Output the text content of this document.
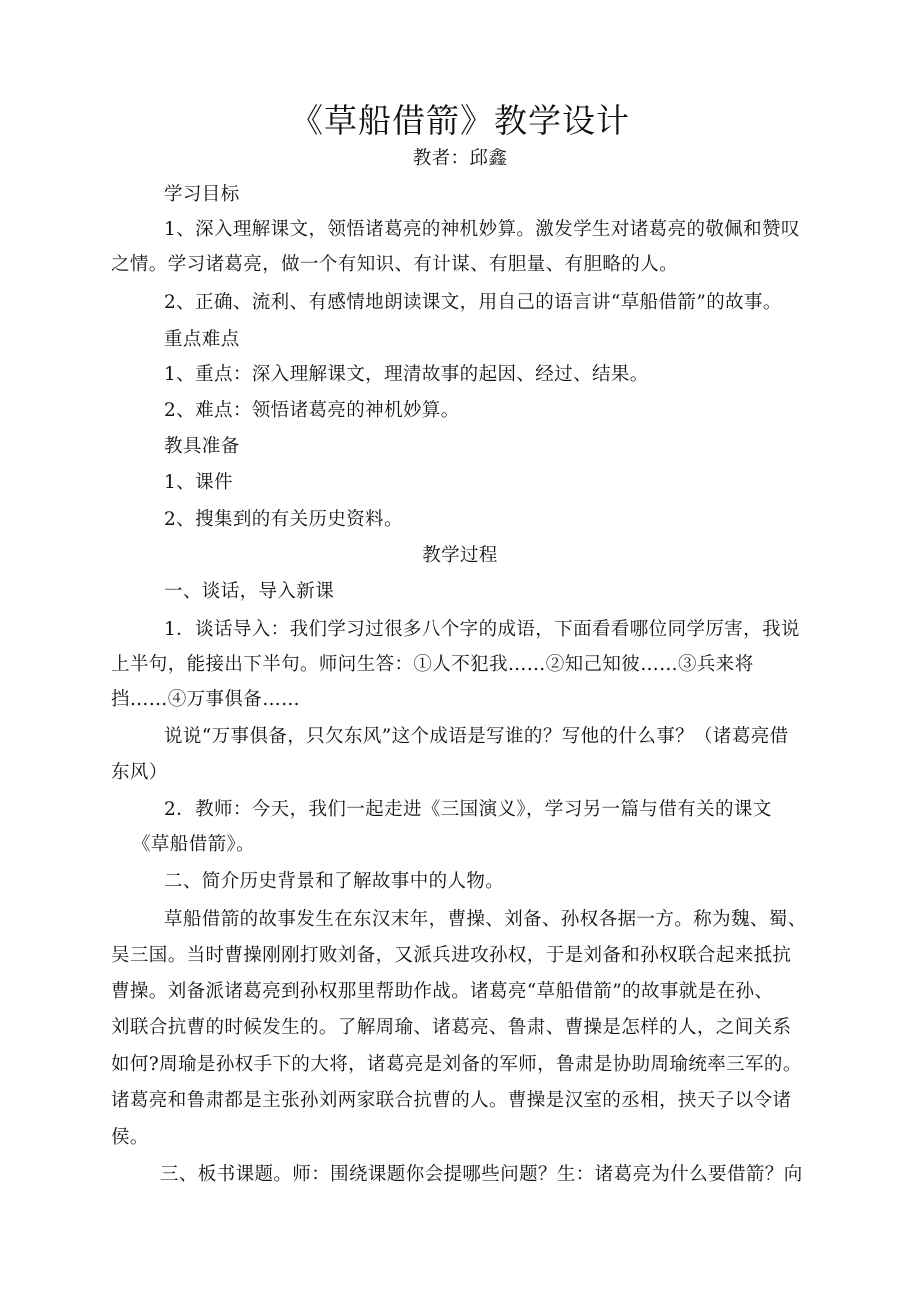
《草船借箭》教学设计
教者：邱鑫
学习目标
1、深入理解课文，领悟诸葛亮的神机妙算。激发学生对诸葛亮的敬佩和赞叹
之情。学习诸葛亮，做一个有知识、有计谋、有胆量、有胆略的人。
2、正确、流利、有感情地朗读课文，用自己的语言讲“草船借箭”的故事。
重点难点
1、重点：深入理解课文，理清故事的起因、经过、结果。
2、难点：领悟诸葛亮的神机妙算。
教具准备
1、课件
2、搜集到的有关历史资料。
教学过程
一、谈话，导入新课
1．谈话导入：我们学习过很多八个字的成语，下面看看哪位同学厉害，我说
上半句，能接出下半句。师问生答：①人不犯我……②知己知彼……③兵来将
挡……④万事俱备……
说说“万事俱备，只欠东风”这个成语是写谁的？写他的什么事？（诸葛亮借
东风）
2．教师：今天，我们一起走进《三国演义》，学习另一篇与借有关的课文
《草船借箭》。
二、简介历史背景和了解故事中的人物。
草船借箭的故事发生在东汉末年，曹操、刘备、孙权各据一方。称为魏、蜀、
吴三国。当时曹操刚刚打败刘备，又派兵进攻孙权，于是刘备和孙权联合起来抵抗
曹操。刘备派诸葛亮到孙权那里帮助作战。诸葛亮“草船借箭”的故事就是在孙、
刘联合抗曹的时候发生的。了解周瑜、诸葛亮、鲁肃、曹操是怎样的人，之间关系
如何?周瑜是孙权手下的大将，诸葛亮是刘备的军师，鲁肃是协助周瑜统率三军的。
诸葛亮和鲁肃都是主张孙刘两家联合抗曹的人。曹操是汉室的丞相，挟天子以令诸
侯。
三、板书课题。师：围绕课题你会提哪些问题？生：诸葛亮为什么要借箭？向
